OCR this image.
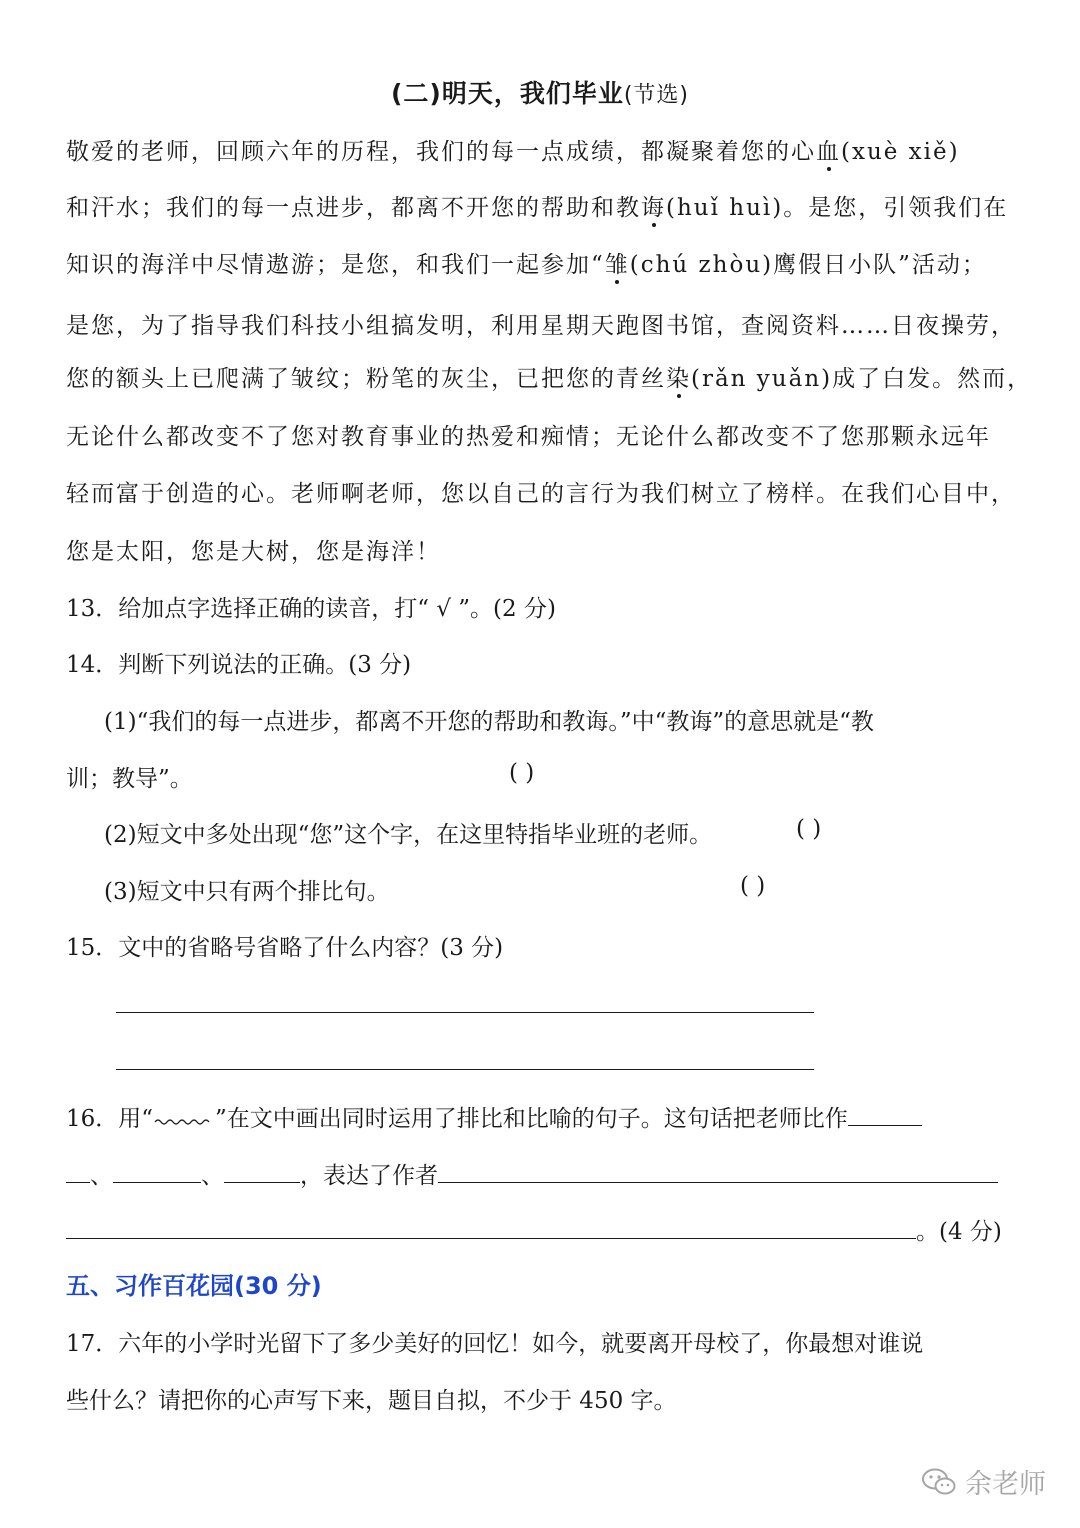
(二)明天，我们毕业(节选)
敬爱的老师，回顾六年的历程，我们的每一点成绩，都凝聚着您的心血(xuè xiě)
和汗水；我们的每一点进步，都离不开您的帮助和教诲(huǐ huì)。是您，引领我们在
知识的海洋中尽情遨游；是您，和我们一起参加“雏(chú zhòu)鹰假日小队”活动；
是您，为了指导我们科技小组搞发明，利用星期天跑图书馆，查阅资料……日夜操劳，
您的额头上已爬满了皱纹；粉笔的灰尘，已把您的青丝染(rǎn yuǎn)成了白发。然而，
无论什么都改变不了您对教育事业的热爱和痴情；无论什么都改变不了您那颗永远年
轻而富于创造的心。老师啊老师，您以自己的言行为我们树立了榜样。在我们心目中，
您是太阳，您是大树，您是海洋！
13．给加点字选择正确的读音，打“ √ ”。(2 分)
14．判断下列说法的正确。(3 分)
(1)“我们的每一点进步，都离不开您的帮助和教诲。”中“教诲”的意思就是“教
训；教导”。	( )
(2)短文中多处出现“您”这个字，在这里特指毕业班的老师。	( )
(3)短文中只有两个排比句。	( )
15．文中的省略号省略了什么内容？(3 分)
16．用“	”在文中画出同时运用了排比和比喻的句子。这句话把老师比作
、	、	，表达了作者
。(4 分)
五、习作百花园(30 分)
17．六年的小学时光留下了多少美好的回忆！如今，就要离开母校了，你最想对谁说
些什么？请把你的心声写下来，题目自拟，不少于 450 字。
余老师
